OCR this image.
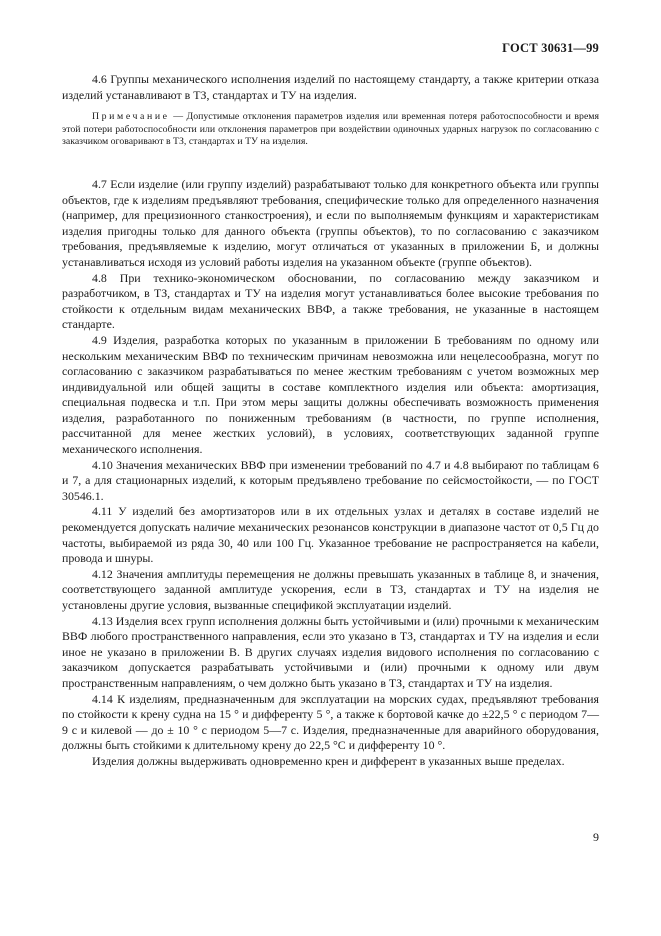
ГОСТ 30631—99

4.6 Группы механического исполнения изделий по настоящему стандарту, а также критерии отказа изделий устанавливают в ТЗ, стандартах и ТУ на изделия.

Примечание — Допустимые отклонения параметров изделия или временная потеря работоспособности и время этой потери работоспособности или отклонения параметров при воздействии одиночных ударных нагрузок по согласованию с заказчиком оговаривают в ТЗ, стандартах и ТУ на изделия.

4.7 Если изделие (или группу изделий) разрабатывают только для конкретного объекта или группы объектов, где к изделиям предъявляют требования, специфические только для определенного назначения (например, для прецизионного станкостроения), и если по выполняемым функциям и характеристикам изделия пригодны только для данного объекта (группы объектов), то по согласованию с заказчиком требования, предъявляемые к изделию, могут отличаться от указанных в приложении Б, и должны устанавливаться исходя из условий работы изделия на указанном объекте (группе объектов).

4.8 При технико-экономическом обосновании, по согласованию между заказчиком и разработчиком, в ТЗ, стандартах и ТУ на изделия могут устанавливаться более высокие требования по стойкости к отдельным видам механических ВВФ, а также требования, не указанные в настоящем стандарте.

4.9 Изделия, разработка которых по указанным в приложении Б требованиям по одному или нескольким механическим ВВФ по техническим причинам невозможна или нецелесообразна, могут по согласованию с заказчиком разрабатываться по менее жестким требованиям с учетом возможных мер индивидуальной или общей защиты в составе комплектного изделия или объекта: амортизация, специальная подвеска и т.п. При этом меры защиты должны обеспечивать возможность применения изделия, разработанного по пониженным требованиям (в частности, по группе исполнения, рассчитанной для менее жестких условий), в условиях, соответствующих заданной группе механического исполнения.

4.10 Значения механических ВВФ при изменении требований по 4.7 и 4.8 выбирают по таблицам 6 и 7, а для стационарных изделий, к которым предъявлено требование по сейсмостойкости, — по ГОСТ 30546.1.

4.11 У изделий без амортизаторов или в их отдельных узлах и деталях в составе изделий не рекомендуется допускать наличие механических резонансов конструкции в диапазоне частот от 0,5 Гц до частоты, выбираемой из ряда 30, 40 или 100 Гц. Указанное требование не распространяется на кабели, провода и шнуры.

4.12 Значения амплитуды перемещения не должны превышать указанных в таблице 8, и значения, соответствующего заданной амплитуде ускорения, если в ТЗ, стандартах и ТУ на изделия не установлены другие условия, вызванные спецификой эксплуатации изделий.

4.13 Изделия всех групп исполнения должны быть устойчивыми и (или) прочными к механическим ВВФ любого пространственного направления, если это указано в ТЗ, стандартах и ТУ на изделия и если иное не указано в приложении В. В других случаях изделия видового исполнения по согласованию с заказчиком допускается разрабатывать устойчивыми и (или) прочными к одному или двум пространственным направлениям, о чем должно быть указано в ТЗ, стандартах и ТУ на изделия.

4.14 К изделиям, предназначенным для эксплуатации на морских судах, предъявляют требования по стойкости к крену судна на 15 ° и дифференту 5 °, а также к бортовой качке до ±22,5 ° с периодом 7—9 с и килевой — до ± 10 ° с периодом 5—7 с. Изделия, предназначенные для аварийного оборудования, должны быть стойкими к длительному крену до 22,5 °С и дифференту 10 °.

Изделия должны выдерживать одновременно крен и дифферент в указанных выше пределах.

9
